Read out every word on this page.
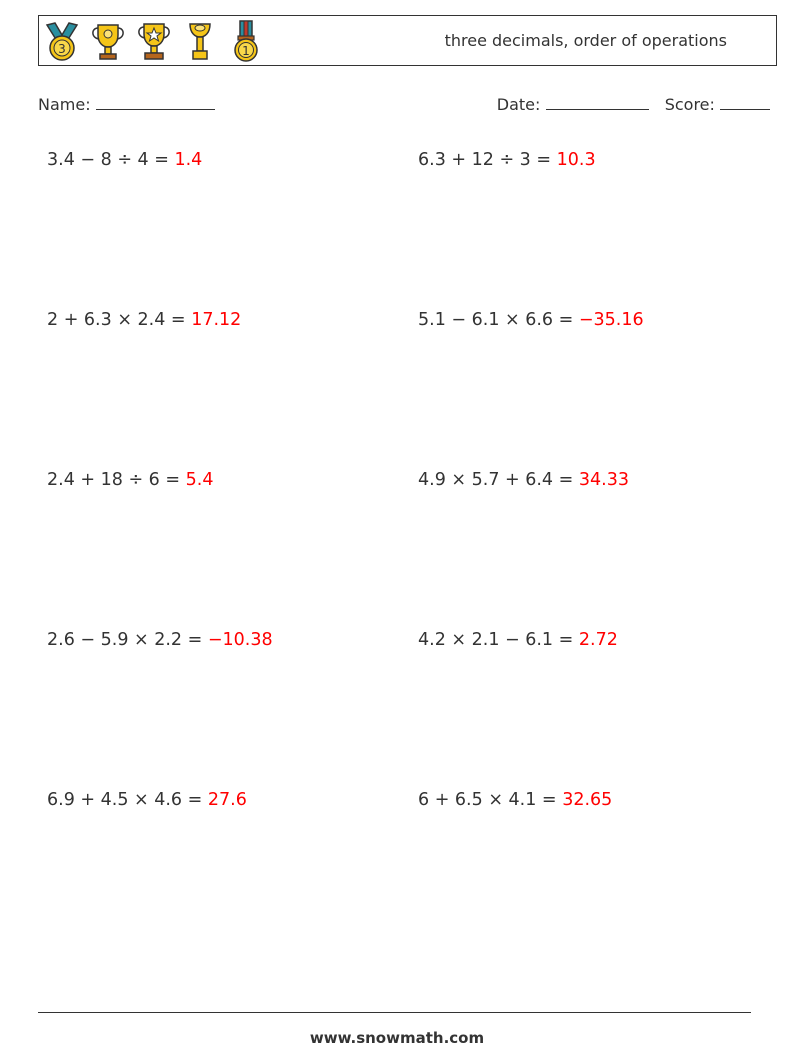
3	1
three decimals, order of operations
Name:	Date:	Score:
3.4 − 8 ÷ 4 = 1.4	6.3 + 12 ÷ 3 = 10.3
2 + 6.3 × 2.4 = 17.12	5.1 − 6.1 × 6.6 = −35.16
2.4 + 18 ÷ 6 = 5.4	4.9 × 5.7 + 6.4 = 34.33
2.6 − 5.9 × 2.2 = −10.38	4.2 × 2.1 − 6.1 = 2.72
6.9 + 4.5 × 4.6 = 27.6	6 + 6.5 × 4.1 = 32.65
www.snowmath.com
